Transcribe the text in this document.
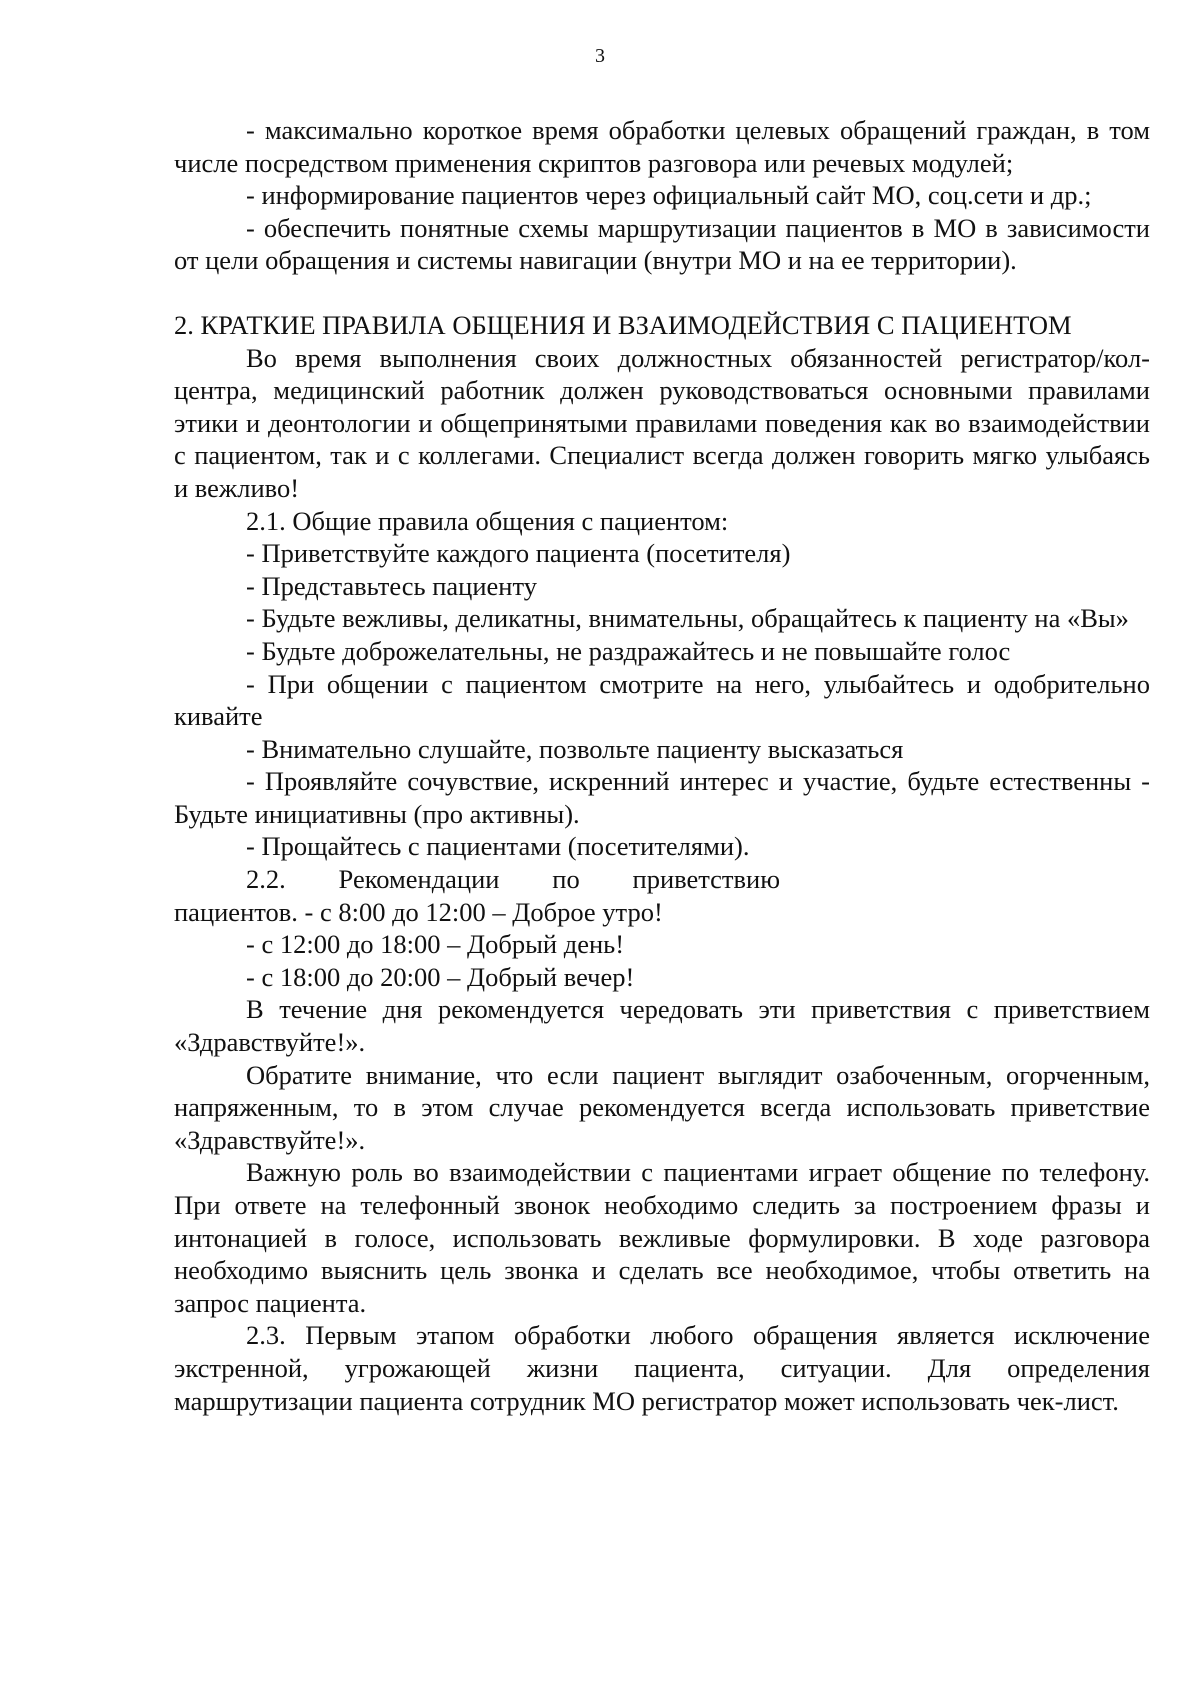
3

- максимально короткое время обработки целевых обращений граждан, в том числе посредством применения скриптов разговора или речевых модулей;

- информирование пациентов через официальный сайт МО, соц.сети и др.;

- обеспечить понятные схемы маршрутизации пациентов в МО в зависимости от цели обращения и системы навигации (внутри МО и на ее территории).

2. КРАТКИЕ ПРАВИЛА ОБЩЕНИЯ И ВЗАИМОДЕЙСТВИЯ С ПАЦИЕНТОМ

Во время выполнения своих должностных обязанностей регистратор/кол-центра, медицинский работник должен руководствоваться основными правилами этики и деонтологии и общепринятыми правилами поведения как во взаимодействии с пациентом, так и с коллегами. Специалист всегда должен говорить мягко улыбаясь и вежливо!

2.1. Общие правила общения с пациентом:

- Приветствуйте каждого пациента (посетителя)

- Представьтесь пациенту

- Будьте вежливы, деликатны, внимательны, обращайтесь к пациенту на «Вы»

- Будьте доброжелательны, не раздражайтесь и не повышайте голос

- При общении с пациентом смотрите на него, улыбайтесь и одобрительно кивайте

- Внимательно слушайте, позвольте пациенту высказаться

- Проявляйте сочувствие, искренний интерес и участие, будьте естественны - Будьте инициативны (про активны).

- Прощайтесь с пациентами (посетителями).

2.2. Рекомендации по приветствию

пациентов. - с 8:00 до 12:00 – Доброе утро!

- с 12:00 до 18:00 – Добрый день!

- с 18:00 до 20:00 – Добрый вечер!

В течение дня рекомендуется чередовать эти приветствия с приветствием «Здравствуйте!».

Обратите внимание, что если пациент выглядит озабоченным, огорченным, напряженным, то в этом случае рекомендуется всегда использовать приветствие «Здравствуйте!».

Важную роль во взаимодействии с пациентами играет общение по телефону. При ответе на телефонный звонок необходимо следить за построением фразы и интонацией в голосе, использовать вежливые формулировки. В ходе разговора необходимо выяснить цель звонка и сделать все необходимое, чтобы ответить на запрос пациента.

2.3. Первым этапом обработки любого обращения является исключение экстренной, угрожающей жизни пациента, ситуации. Для определения маршрутизации пациента сотрудник МО регистратор может использовать чек-лист.
